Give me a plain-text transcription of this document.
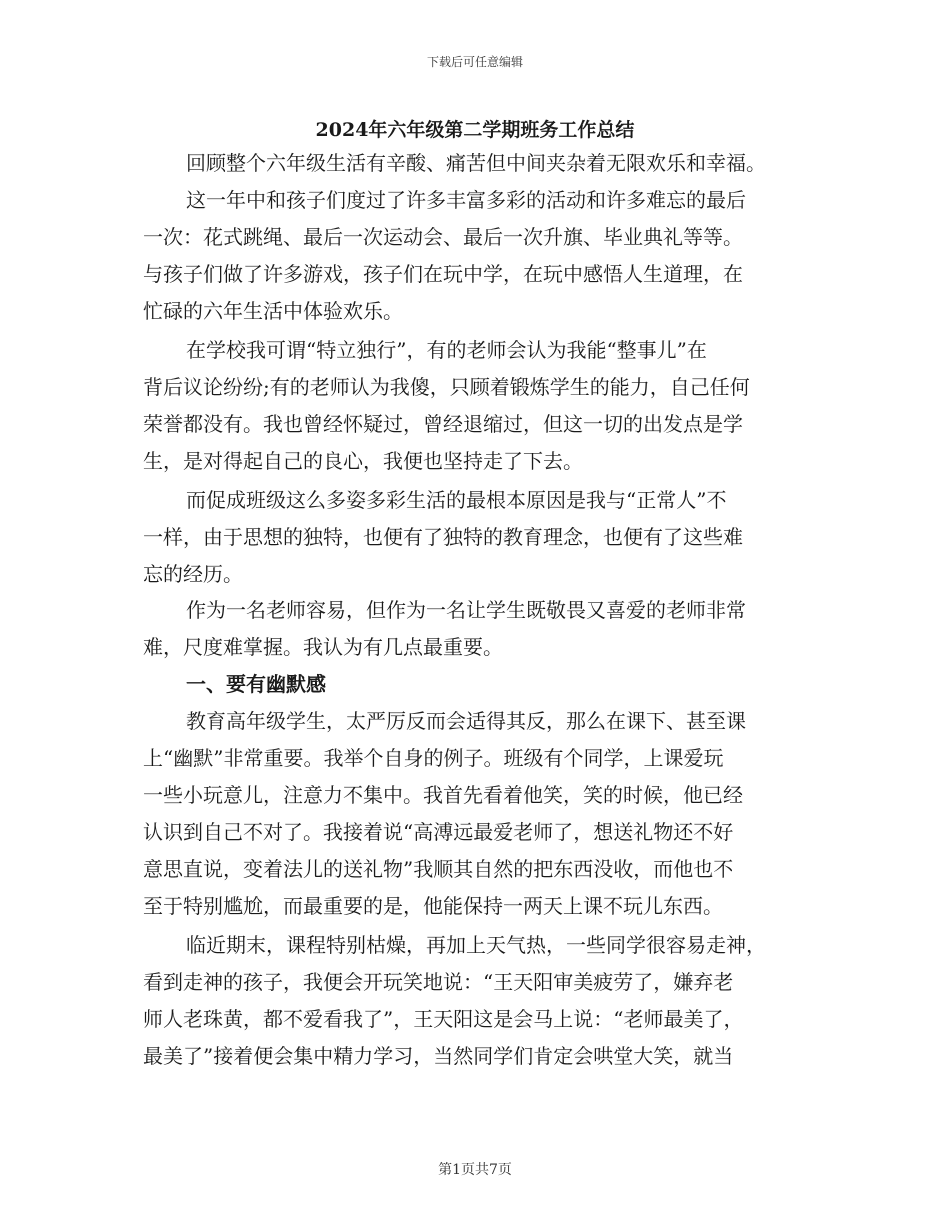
下载后可任意编辑
2024年六年级第二学期班务工作总结
回顾整个六年级生活有辛酸、痛苦但中间夹杂着无限欢乐和幸福。
这一年中和孩子们度过了许多丰富多彩的活动和许多难忘的最后
一次：花式跳绳、最后一次运动会、最后一次升旗、毕业典礼等等。
与孩子们做了许多游戏，孩子们在玩中学，在玩中感悟人生道理，在
忙碌的六年生活中体验欢乐。
在学校我可谓“特立独行”，有的老师会认为我能“整事儿”在
背后议论纷纷;有的老师认为我傻，只顾着锻炼学生的能力，自己任何
荣誉都没有。我也曾经怀疑过，曾经退缩过，但这一切的出发点是学
生，是对得起自己的良心，我便也坚持走了下去。
而促成班级这么多姿多彩生活的最根本原因是我与“正常人”不
一样，由于思想的独特，也便有了独特的教育理念，也便有了这些难
忘的经历。
作为一名老师容易，但作为一名让学生既敬畏又喜爱的老师非常
难，尺度难掌握。我认为有几点最重要。
一、要有幽默感
教育高年级学生，太严厉反而会适得其反，那么在课下、甚至课
上“幽默”非常重要。我举个自身的例子。班级有个同学，上课爱玩
一些小玩意儿，注意力不集中。我首先看着他笑，笑的时候，他已经
认识到自己不对了。我接着说“高溥远最爱老师了，想送礼物还不好
意思直说，变着法儿的送礼物”我顺其自然的把东西没收，而他也不
至于特别尴尬，而最重要的是，他能保持一两天上课不玩儿东西。
临近期末，课程特别枯燥，再加上天气热，一些同学很容易走神，
看到走神的孩子，我便会开玩笑地说：“王天阳审美疲劳了，嫌弃老
师人老珠黄，都不爱看我了”，王天阳这是会马上说：“老师最美了，
最美了”接着便会集中精力学习，当然同学们肯定会哄堂大笑，就当
第1页共7页
